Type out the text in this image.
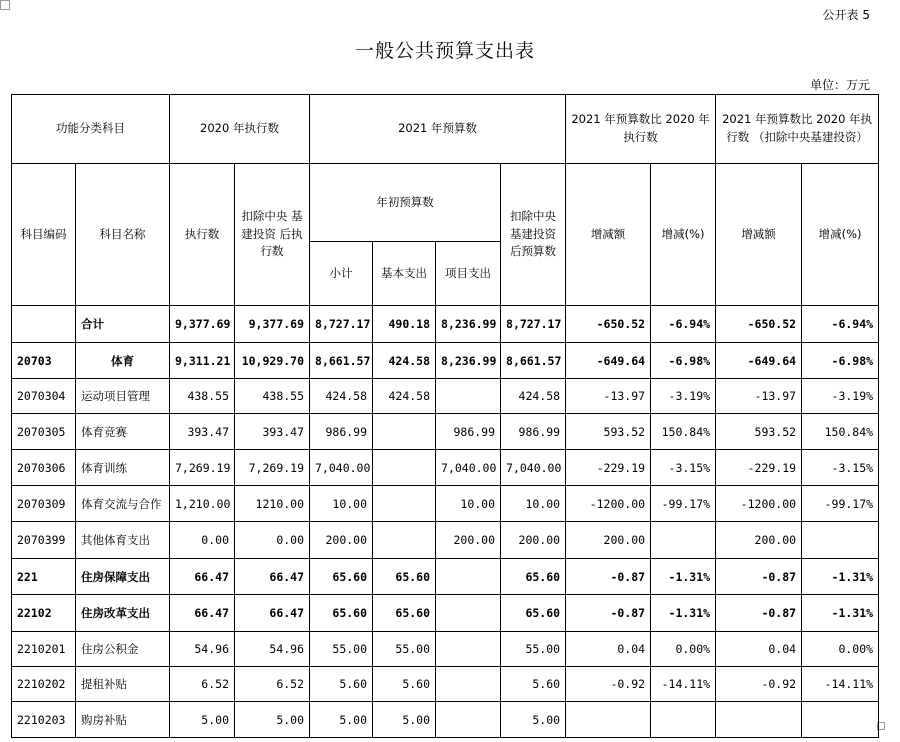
公开表 5
一般公共预算支出表
单位：万元
功能分类科目		2020 年执行数		2021 年预算数				2021 年预算数比 2020 年执行数		2021 年预算数比 2020 年执行数 （扣除中央基建投资）	
科目编码	科目名称	执行数	扣除中央 基建投资 后执行数	年初预算数			扣除中央 基建投资 后预算数	增减额	增减(%)	增减额	增减(%)
				小计	基本支出	项目支出					
	合计	9,377.69	9,377.69	8,727.17	490.18	8,236.99	8,727.17	-650.52	-6.94%	-650.52	-6.94%
20703	体育	9,311.21	10,929.70	8,661.57	424.58	8,236.99	8,661.57	-649.64	-6.98%	-649.64	-6.98%
2070304	运动项目管理	438.55	438.55	424.58	424.58		424.58	-13.97	-3.19%	-13.97	-3.19%
2070305	体育竞赛	393.47	393.47	986.99		986.99	986.99	593.52	150.84%	593.52	150.84%
2070306	体育训练	7,269.19	7,269.19	7,040.00		7,040.00	7,040.00	-229.19	-3.15%	-229.19	-3.15%
2070309	体育交流与合作	1,210.00	1210.00	10.00		10.00	10.00	-1200.00	-99.17%	-1200.00	-99.17%
2070399	其他体育支出	0.00	0.00	200.00		200.00	200.00	200.00		200.00	
221	住房保障支出	66.47	66.47	65.60	65.60		65.60	-0.87	-1.31%	-0.87	-1.31%
22102	住房改革支出	66.47	66.47	65.60	65.60		65.60	-0.87	-1.31%	-0.87	-1.31%
2210201	住房公积金	54.96	54.96	55.00	55.00		55.00	0.04	0.00%	0.04	0.00%
2210202	提租补贴	6.52	6.52	5.60	5.60		5.60	-0.92	-14.11%	-0.92	-14.11%
2210203	购房补贴	5.00	5.00	5.00	5.00		5.00				
